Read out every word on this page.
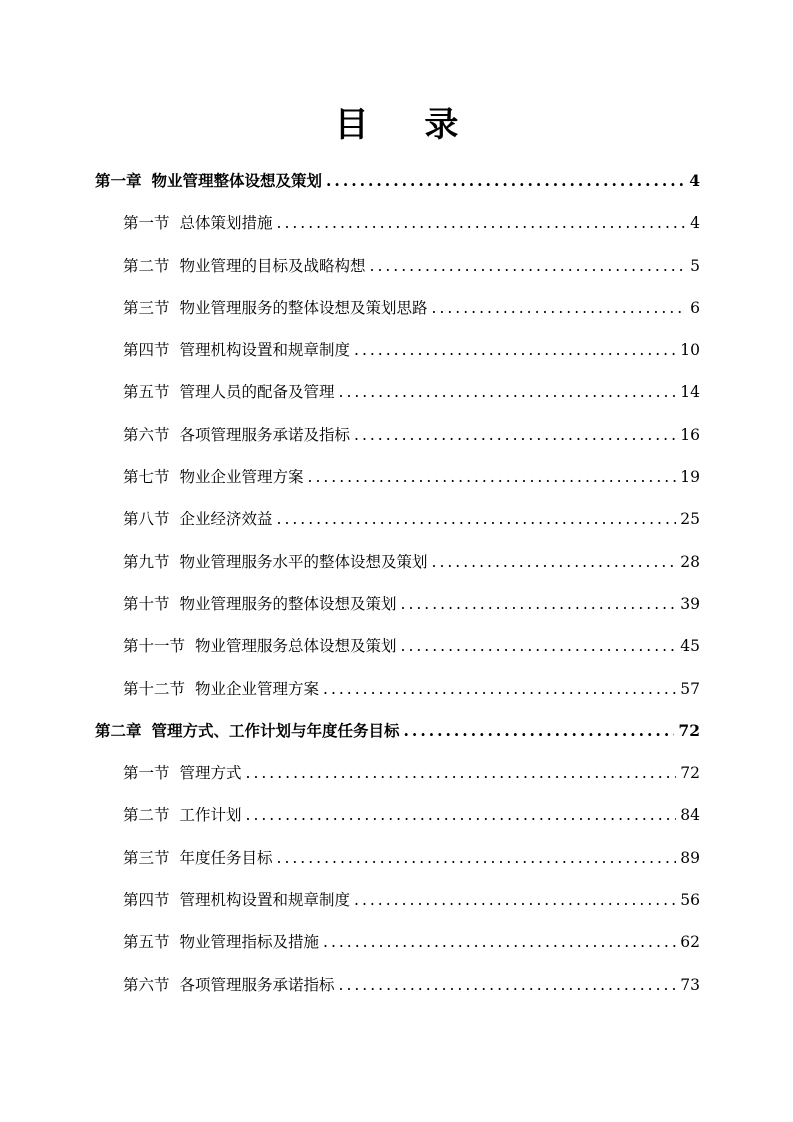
目 录
第一章 物业管理整体设想及策划 .....	4
第一节 总体策划措施 .....	4
第二节 物业管理的目标及战略构想 .....	5
第三节 物业管理服务的整体设想及策划思路 .....	6
第四节 管理机构设置和规章制度 .....	10
第五节 管理人员的配备及管理 .....	14
第六节 各项管理服务承诺及指标 .....	16
第七节 物业企业管理方案 .....	19
第八节 企业经济效益 .....	25
第九节 物业管理服务水平的整体设想及策划 .....	28
第十节 物业管理服务的整体设想及策划 .....	39
第十一节 物业管理服务总体设想及策划 .....	45
第十二节 物业企业管理方案 .....	57
第二章 管理方式、工作计划与年度任务目标 .....	72
第一节 管理方式 .....	72
第二节 工作计划 .....	84
第三节 年度任务目标 .....	89
第四节 管理机构设置和规章制度 .....	56
第五节 物业管理指标及措施 .....	62
第六节 各项管理服务承诺指标 .....	73
